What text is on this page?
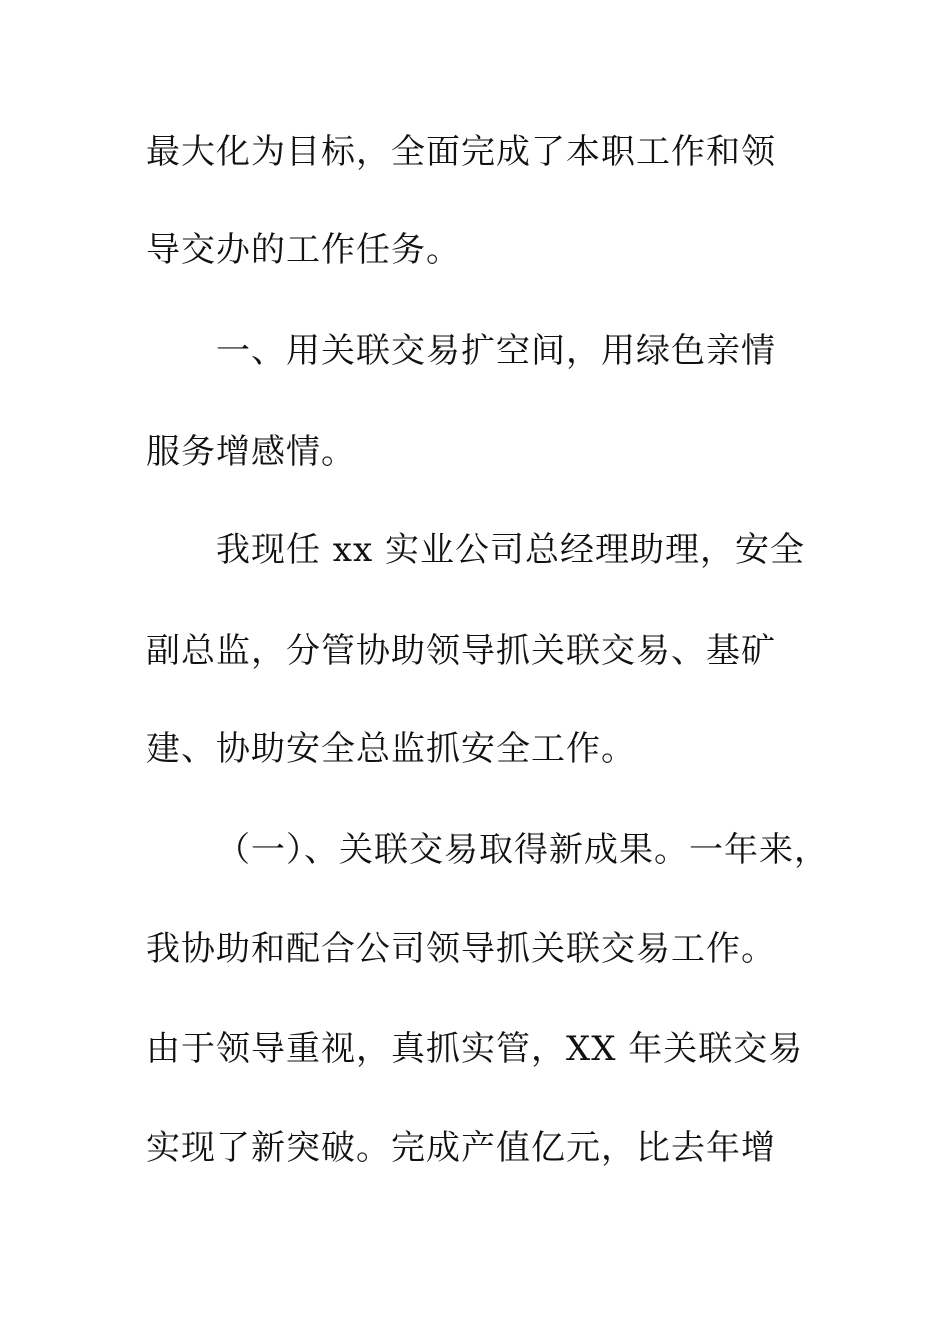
最大化为目标，全面完成了本职工作和领
导交办的工作任务。
一、用关联交易扩空间，用绿色亲情
服务增感情。
我现任 xx 实业公司总经理助理，安全
副总监，分管协助领导抓关联交易、基矿
建、协助安全总监抓安全工作。
（一）、关联交易取得新成果。一年来，
我协助和配合公司领导抓关联交易工作。
由于领导重视，真抓实管，XX 年关联交易
实现了新突破。完成产值亿元，比去年增
